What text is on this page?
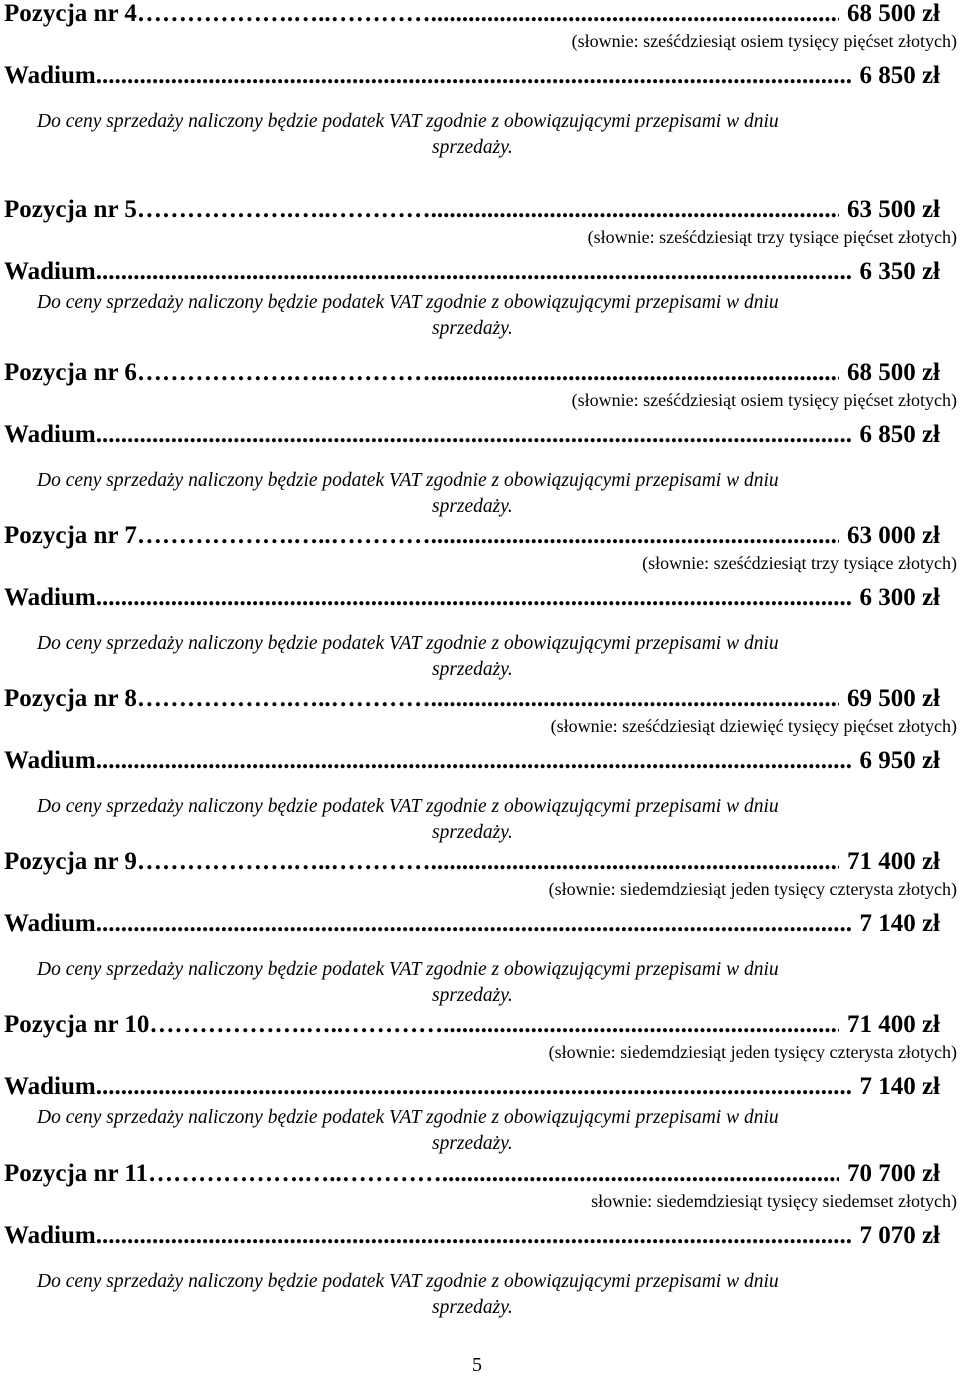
Pozycja nr 4 ……………….…..…………...................................................................................................................................................................................................................................................................................................................................................................................................................	68 500 zł
(słownie: sześćdziesiąt osiem tysięcy pięćset złotych)
Wadium .....	6 850 zł
Do ceny sprzedaży naliczony będzie podatek VAT zgodnie z obowiązującymi przepisami w dniu
sprzedaży.
Pozycja nr 5 ……………….…..…………...................................................................................................................................................................................................................................................................................................................................................................................................................	63 500 zł
(słownie: sześćdziesiąt trzy tysiące pięćset złotych)
Wadium .....	6 350 zł
Do ceny sprzedaży naliczony będzie podatek VAT zgodnie z obowiązującymi przepisami w dniu
sprzedaży.
Pozycja nr 6 ……………….…..…………...................................................................................................................................................................................................................................................................................................................................................................................................................	68 500 zł
(słownie: sześćdziesiąt osiem tysięcy pięćset złotych)
Wadium .....	6 850 zł
Do ceny sprzedaży naliczony będzie podatek VAT zgodnie z obowiązującymi przepisami w dniu
sprzedaży.
Pozycja nr 7 ……………….…..…………...................................................................................................................................................................................................................................................................................................................................................................................................................	63 000 zł
(słownie: sześćdziesiąt trzy tysiące złotych)
Wadium .....	6 300 zł
Do ceny sprzedaży naliczony będzie podatek VAT zgodnie z obowiązującymi przepisami w dniu
sprzedaży.
Pozycja nr 8 ……………….…..…………...................................................................................................................................................................................................................................................................................................................................................................................................................	69 500 zł
(słownie: sześćdziesiąt dziewięć tysięcy pięćset złotych)
Wadium .....	6 950 zł
Do ceny sprzedaży naliczony będzie podatek VAT zgodnie z obowiązującymi przepisami w dniu
sprzedaży.
Pozycja nr 9 ……………….…..…………...................................................................................................................................................................................................................................................................................................................................................................................................................	71 400 zł
(słownie: siedemdziesiąt jeden tysięcy czterysta złotych)
Wadium .....	7 140 zł
Do ceny sprzedaży naliczony będzie podatek VAT zgodnie z obowiązującymi przepisami w dniu
sprzedaży.
Pozycja nr 10 ……………….…..…………...................................................................................................................................................................................................................................................................................................................................................................................................................	71 400 zł
(słownie: siedemdziesiąt jeden tysięcy czterysta złotych)
Wadium .....	7 140 zł
Do ceny sprzedaży naliczony będzie podatek VAT zgodnie z obowiązującymi przepisami w dniu
sprzedaży.
Pozycja nr 11 ……………….…..…………...................................................................................................................................................................................................................................................................................................................................................................................................................	70 700 zł
słownie: siedemdziesiąt tysięcy siedemset złotych)
Wadium .....	7 070 zł
Do ceny sprzedaży naliczony będzie podatek VAT zgodnie z obowiązującymi przepisami w dniu
sprzedaży.
5
